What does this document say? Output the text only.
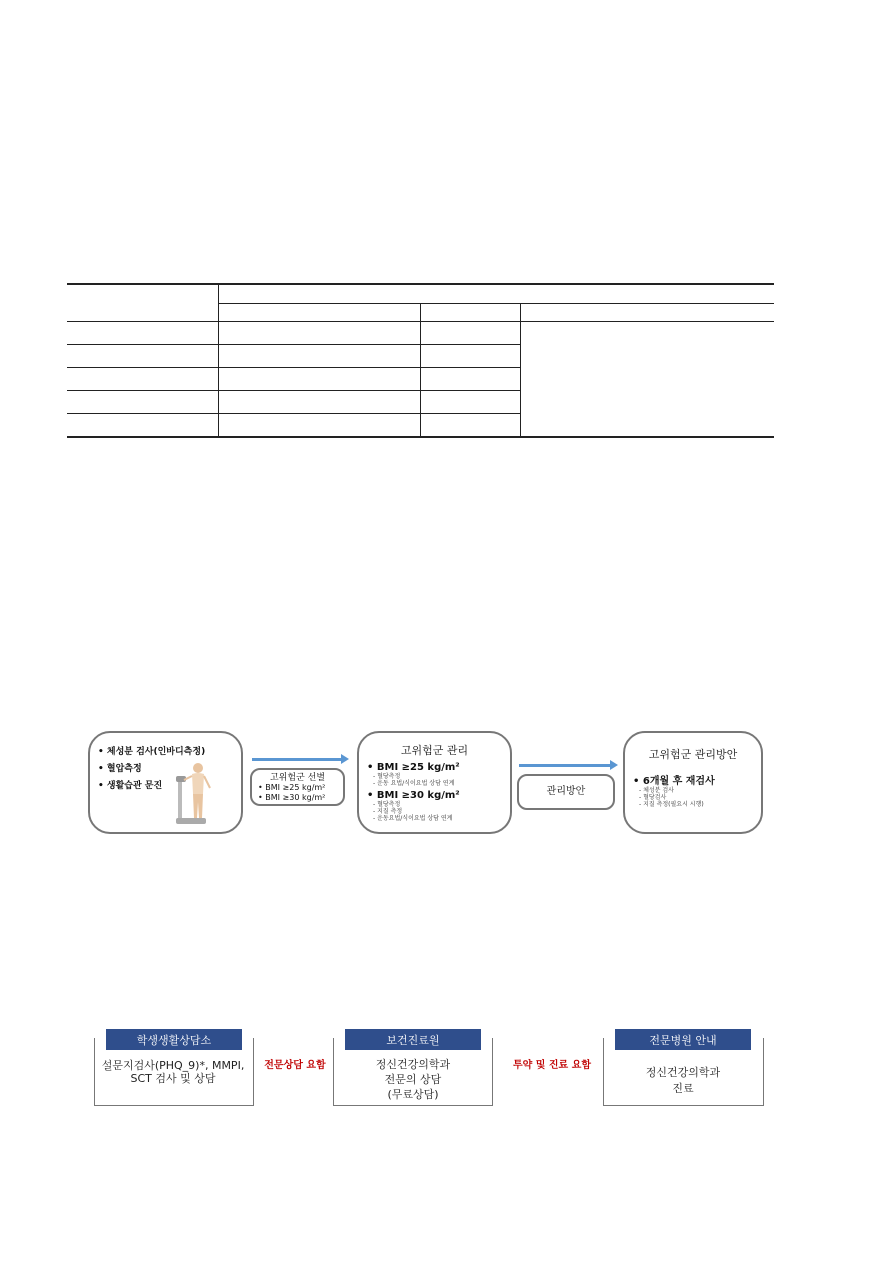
• 체성분 검사(인바디측정)
• 혈압측정
• 생활습관 문진
고위험군 선별
• BMI ≥25 kg/m²
• BMI ≥30 kg/m²
고위험군 관리
• BMI ≥25 kg/m²
- 혈당측정
- 운동 요법/식이요법 상담 연계
• BMI ≥30 kg/m²
- 혈당측정
- 지질 측정
- 운동요법/식이요법 상담 연계
관리방안
고위험군 관리방안
• 6개월 후 재검사
- 체성분 검사
- 혈당검사
- 지질 측정(필요시 시행)
학생생활상담소
설문지검사(PHQ_9)*, MMPI, SCT 검사 및 상담
전문상담 요함
보건진료원
정신건강의학과
전문의 상담
(무료상담)
투약 및 진료 요함
전문병원 안내
정신건강의학과
진료
